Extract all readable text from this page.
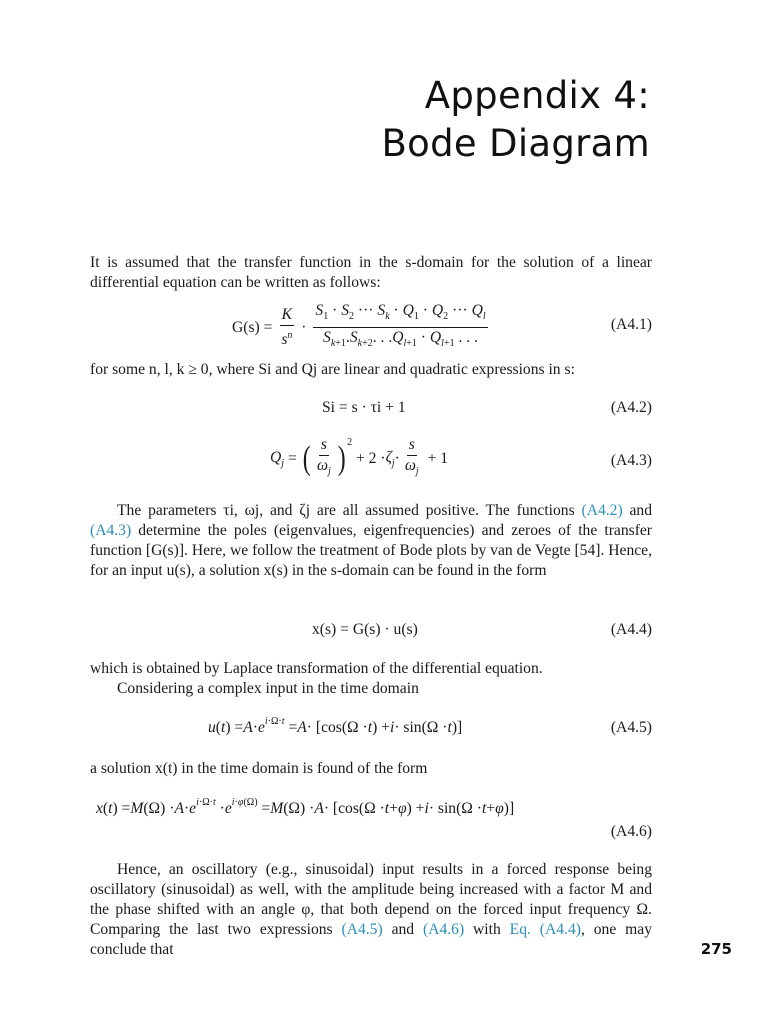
Appendix 4:
Bode Diagram

It is assumed that the transfer function in the s-domain for the solution of a linear differential equation can be written as follows:

G(s) =
$\frac{K}{s^n} \cdot \frac{S_1 \cdot S_2 \cdot\cdot\cdot S_k \cdot Q_1 \cdot Q_2 \cdot\cdot\cdot Q_l}{S_{k+1}.S_{k+2}. . .Q_{l+1} \cdot Q_{l+1} . . .}$	(A4.1)

for some n, l, k ≥ 0, where Si and Qj are linear and quadratic expressions in s:

Si = s · τi + 1	(A4.2)
$Q_j$ = ( $\frac{s}{\omega_j} )^2$
+ $2 \cdot \zeta_j \cdot \frac{s}{\omega_j} + 1$	(A4.3)

The parameters τi, ωj, and ζj are all assumed positive. The functions (A4.2) and (A4.3) determine the poles (eigenvalues, eigenfrequencies) and zeroes of the transfer function [G(s)]. Here, we follow the treatment of Bode plots by van de Vegte [54]. Hence, for an input u(s), a solution x(s) in the s-domain can be found in the form

x(s) = G(s) · u(s)	(A4.4)

which is obtained by Laplace transformation of the differential equation.

Considering a complex input in the time domain

u ( t ) = A · e $^{i\cdot\Omega\cdot t}$ = A · [cos(Ω · t ) + i · sin(Ω · t )]	(A4.5)

a solution x(t) in the time domain is found of the form

x ( t ) = M (Ω) · A · e $^{i\cdot\Omega\cdot t}$ · e $^{i\cdot\varphi(\Omega)}$ = M (Ω) · A · [cos(Ω · t + φ ) + i · sin(Ω · t + φ )]
(A4.6)

Hence, an oscillatory (e.g., sinusoidal) input results in a forced response being oscillatory (sinusoidal) as well, with the amplitude being increased with a factor M and the phase shifted with an angle φ, that both depend on the forced input frequency Ω. Comparing the last two expressions (A4.5) and (A4.6) with Eq. (A4.4), one may conclude that	275
